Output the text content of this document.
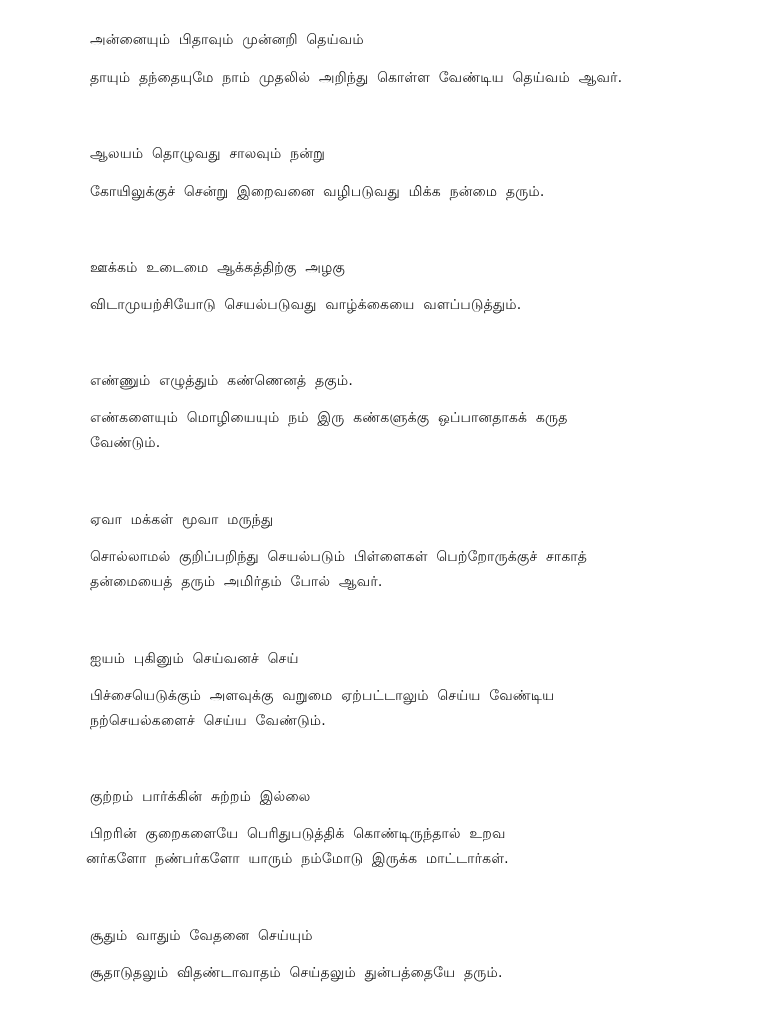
அன்னையும் பிதாவும் முன்னறி தெய்வம்
தாயும் தந்தையுமே நாம் முதலில் அறிந்து கொள்ள வேண்டிய தெய்வம் ஆவர்.
ஆலயம் தொழுவது சாலவும் நன்று
கோயிலுக்குச் சென்று இறைவனை வழிபடுவது மிக்க நன்மை தரும்.
ஊக்கம் உடைமை ஆக்கத்திற்கு அழகு
விடாமுயற்சியோடு செயல்படுவது வாழ்க்கையை வளப்படுத்தும்.
எண்ணும் எழுத்தும் கண்ணெனத் தகும்.
எண்களையும் மொழியையும் நம் இரு கண்களுக்கு ஒப்பானதாகக் கருத
வேண்டும்.
ஏவா மக்கள் மூவா மருந்து
சொல்லாமல் குறிப்பறிந்து செயல்படும் பிள்ளைகள் பெற்றோருக்குச் சாகாத்
தன்மையைத் தரும் அமிர்தம் போல் ஆவர்.
ஐயம் புகினும் செய்வனச் செய்
பிச்சையெடுக்கும் அளவுக்கு வறுமை ஏற்பட்டாலும் செய்ய வேண்டிய
நற்செயல்களைச் செய்ய வேண்டும்.
குற்றம் பார்க்கின் சுற்றம் இல்லை
பிறரின் குறைகளையே பெரிதுபடுத்திக் கொண்டிருந்தால் உறவ
னர்களோ நண்பர்களோ யாரும் நம்மோடு இருக்க மாட்டார்கள்.
சூதும் வாதும் வேதனை செய்யும்
சூதாடுதலும் விதண்டாவாதம் செய்தலும் துன்பத்தையே தரும்.
